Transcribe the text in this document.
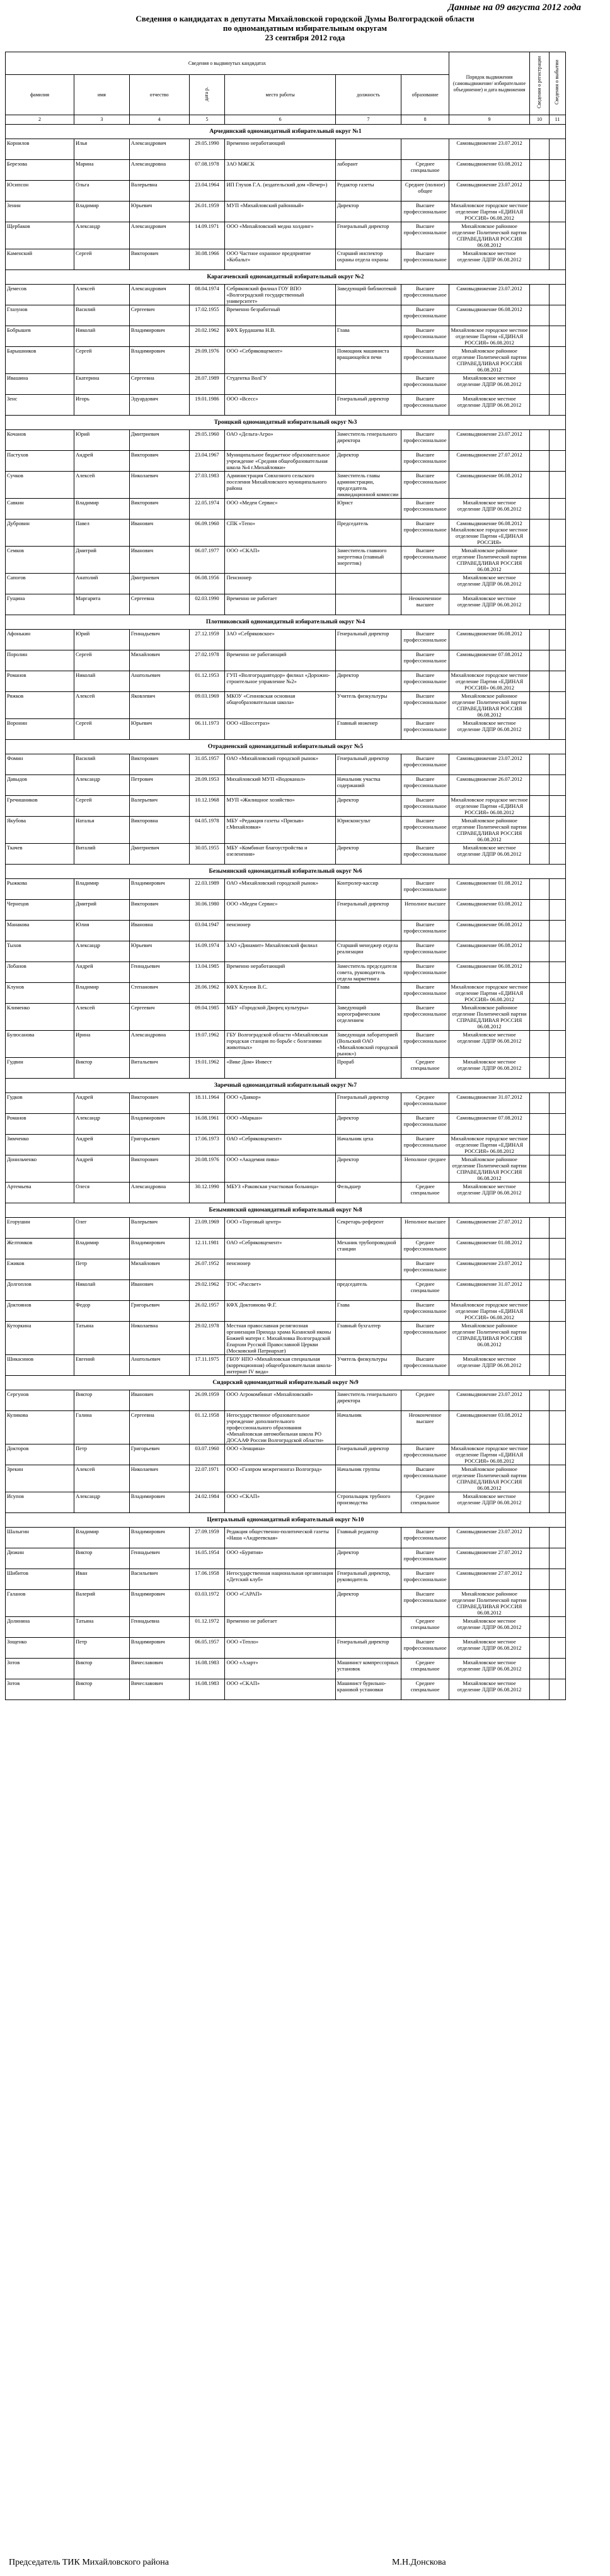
Данные на 09 августа 2012 года
Сведения о кандидатах в депутаты Михайловской городской Думы Волгоградской области
по одномандатным избирательным округам
23 сентября 2012 года
Сведения о выдвинутых кандидатах							Порядок выдвижения (самовыдвижение/ избирательное объединение) и дата выдвижения	Сведения о регистрации	Сведения о выбытии
фамилия	имя	отчество	дата р.	место работы	должность	образование			
2	3	4	5	6	7	8	9	10	11
Арчединский одномандатный избирательный округ №1									
Корнилов	Илья	Александрович	29.05.1990	Временно неработающий			Самовыдвижение 23.07.2012		
Березова	Марина	Александровна	07.08.1978	ЗАО МЖСК	лаборант	Среднее специальное	Самовыдвижение 03.08.2012		
Юсипсон	Ольга	Валерьевна	23.04.1964	ИП Глухов Г.А. (издательский дом «Вечер»)	Редактор газеты	Среднее (полное) общее	Самовыдвижение 23.07.2012		
Зенин	Владимир	Юрьевич	26.01.1959	МУП «Михайловский районный»	Директор	Высшее профессиональное	Михайловское городское местное отделение Партии «ЕДИНАЯ РОССИЯ» 06.08.2012		
Щербаков	Александр	Александрович	14.09.1971	ООО «Михайловский медиа холдинг»	Генеральный директор	Высшее профессиональное	Михайловское районное отделение Политической партии СПРАВЕДЛИВАЯ РОССИЯ 06.08.2012		
Каменский	Сергей	Викторович	30.08.1966	ООО Частное охранное предприятие «Кобальт»	Старший инспектор охраны отдела охраны	Высшее профессиональное	Михайловское местное отделение ЛДПР 06.08.2012		
Карагачевский одномандатный избирательный округ №2									
Демесов	Алексей	Александрович	08.04.1974	Себряковский филиал ГОУ ВПО «Волгоградский государственный университет»	Заведующий библиотекой	Высшее профессиональное	Самовыдвижение 23.07.2012		
Глазунов	Василий	Сергеевич	17.02.1955	Временно безработный		Высшее профессиональное	Самовыдвижение 06.08.2012		
Бобрышев	Николай	Владимирович	20.02.1962	КФХ Бурдашева Н.В.	Глава	Высшее профессиональное	Михайловское городское местное отделение Партии «ЕДИНАЯ РОССИЯ» 06.08.2012		
Барышников	Сергей	Владимирович	29.09.1976	ООО «Себряковцемент»	Помощник машиниста вращающейся печи	Высшее профессиональное	Михайловское районное отделение Политической партии СПРАВЕДЛИВАЯ РОССИЯ 06.08.2012		
Ивашина	Екатерина	Сергеевна	28.07.1989	Студентка ВолГУ		Высшее профессиональное	Михайловское местное отделение ЛДПР 06.08.2012		
Зенс	Игорь	Эдуардович	19.01.1986	ООО «Всесс»	Генеральный директор	Высшее профессиональное	Михайловское местное отделение ЛДПР 06.08.2012		
Троицкий одномандатный избирательный округ №3									
Кочанов	Юрий	Дмитриевич	29.05.1960	ОАО «Дельта-Агро»	Заместитель генерального директора	Высшее профессиональное	Самовыдвижение 23.07.2012		
Пастухов	Андрей	Викторович	23.04.1967	Муниципальное бюджетное образовательное учреждение «Средняя общеобразовательная школа №4 г.Михайловки»	Директор	Высшее профессиональное	Самовыдвижение 27.07.2012		
Сучков	Алексей	Николаевич	27.03.1983	Администрация Совхозного сельского поселения Михайловского муниципального района	Заместитель главы администрации, председатель ликвидационной комиссии	Высшее профессиональное	Самовыдвижение 06.08.2012		
Савкин	Владимир	Викторович	22.05.1974	ООО «Медеи Сервис»	Юрист	Высшее профессиональное	Михайловское местное отделение ЛДПР 06.08.2012		
Дубровин	Павел	Иванович	06.09.1960	СПК «Тепо»	Председатель	Высшее профессиональное	Самовыдвижение 06.08.2012 Михайловское городское местное отделение Партии «ЕДИНАЯ РОССИЯ»		
Семков	Дмитрий	Иванович	06.07.1977	ООО «СКАП»	Заместитель главного энергетика (главный энергетик)	Высшее профессиональное	Михайловское районное отделение Политической партии СПРАВЕДЛИВАЯ РОССИЯ 06.08.2012		
Сапогов	Анатолий	Дмитриевич	06.08.1956	Пенсионер			Михайловское местное отделение ЛДПР 06.08.2012		
Гущина	Маргарита	Сергеевна	02.03.1990	Временно не работает		Неоконченное высшее	Михайловское местное отделение ЛДПР 06.08.2012		
Плотниковский одномандатный избирательный округ №4									
Афонькин	Юрий	Геннадьевич	27.12.1959	ЗАО «Себряковское»	Генеральный директор	Высшее профессиональное	Самовыдвижение 06.08.2012		
Поролин	Сергей	Михайлович	27.02.1978	Временно не работающий		Высшее профессиональное	Самовыдвижение 07.08.2012		
Романов	Николай	Анатольевич	01.12.1953	ГУП «Волгоградавтодор» филиал «Дорожно-строительное управление №2»	Директор	Высшее профессиональное	Михайловское городское местное отделение Партии «ЕДИНАЯ РОССИЯ» 06.08.2012		
Ряжков	Алексей	Яковлевич	09.03.1969	МКОУ «Сенновская основная общеобразовательная школа»	Учитель физкультуры	Высшее профессиональное	Михайловское районное отделение Политической партии СПРАВЕДЛИВАЯ РОССИЯ 06.08.2012		
Воронин	Сергей	Юрьевич	06.11.1973	ООО «Шоссетраз»	Главный инженер	Высшее профессиональное	Михайловское местное отделение ЛДПР 06.08.2012		
Отрадненский одномандатный избирательный округ №5									
Фомин	Василий	Викторович	31.05.1957	ОАО «Михайловский городской рынок»	Генеральный директор	Высшее профессиональное	Самовыдвижение 23.07.2012		
Давыдов	Александр	Петрович	28.09.1953	Михайловский МУП «Водоканал»	Начальник участка содержаний	Высшее профессиональное	Самовыдвижение 26.07.2012		
Гречишников	Сергей	Валерьевич	10.12.1968	МУП «Жилищное хозяйство»	Директор	Высшее профессиональное	Михайловское городское местное отделение Партии «ЕДИНАЯ РОССИЯ» 06.08.2012		
Якубова	Наталья	Викторовна	04.05.1978	МБУ «Редакция газеты «Призыв» г.Михайловки»	Юрисконсульт	Высшее профессиональное	Михайловское районное отделение Политической партии СПРАВЕДЛИВАЯ РОССИЯ 06.08.2012		
Ткачев	Виталий	Дмитриевич	30.05.1955	МБУ «Комбинат благоустройства и озеленения»	Директор	Высшее профессиональное	Михайловское местное отделение ЛДПР 06.08.2012		
Безымянский одномандатный избирательный округ №6									
Рыжкова	Владимир	Владимирович	22.03.1989	ОАО «Михайловский городской рынок»	Контролер-кассир	Высшее профессиональное	Самовыдвижение 01.08.2012		
Чернецов	Дмитрий	Викторович	30.06.1980	ООО «Медеи Сервис»	Генеральный директор	Неполное высшее	Самовыдвижение 03.08.2012		
Манакова	Юлия	Ивановна	03.04.1947	пенсионер		Высшее профессиональное	Самовыдвижение 06.08.2012		
Тыхов	Александр	Юрьевич	16.09.1974	ЗАО «Динамит» Михайловский филиал	Старший менеджер отдела реализации	Высшее профессиональное	Самовыдвижение 06.08.2012		
Лобанов	Андрей	Геннадьевич	13.04.1985	Временно неработающий	Заместитель председателя совета, руководитель отдела маркетинга	Высшее профессиональное	Самовыдвижение 06.08.2012		
Клунов	Владимир	Степанович	28.06.1962	КФХ Клунов В.С.	Глава	Высшее профессиональное	Михайловское городское местное отделение Партии «ЕДИНАЯ РОССИЯ» 06.08.2012		
Клименко	Алексей	Сергеевич	09.04.1985	МБУ «Городской Дворец культуры»	Заведующий хореографическим отделением	Высшее профессиональное	Михайловское районное отделение Политической партии СПРАВЕДЛИВАЯ РОССИЯ 06.08.2012		
Булюсанова	Ирина	Александровна	19.07.1962	ГБУ Волгоградской области «Михайловская городская станция по борьбе с болезнями животных»	Заведующая лабораторией (Вольский ОАО «Михайловский городской рынок»)	Высшее профессиональное	Михайловское местное отделение ЛДПР 06.08.2012		
Гудвин	Виктор	Витальевич	19.01.1962	«Вике Дом» Инвест	Прораб	Среднее специальное	Михайловское местное отделение ЛДПР 06.08.2012		
Заречный одномандатный избирательный округ №7									
Гудков	Андрей	Викторович	18.11.1964	ООО «Даякор»	Генеральный директор	Среднее профессиональное	Самовыдвижение 31.07.2012		
Романов	Александр	Владимирович	16.08.1961	ООО «Маркан»	Директор	Высшее профессиональное	Самовыдвижение 07.08.2012		
Зимченко	Андрей	Григорьевич	17.06.1973	ОАО «Себряковцемент»	Начальник цеха	Высшее профессиональное	Михайловское городское местное отделение Партии «ЕДИНАЯ РОССИЯ» 06.08.2012		
Донильченко	Андрей	Викторович	20.08.1976	ООО «Академия пива»	Директор	Неполное среднее	Михайловское районное отделение Политической партии СПРАВЕДЛИВАЯ РОССИЯ 06.08.2012		
Артемьева	Олеся	Александровна	30.12.1990	МБУЗ «Раковская участковая больница»	Фельдшер	Среднее специальное	Михайловское местное отделение ЛДПР 06.08.2012		
Безымянский одномандатный избирательный округ №8									
Егорушин	Олег	Валерьевич	23.09.1969	ООО «Торговый центр»	Секретарь-референт	Неполное высшее	Самовыдвижение 27.07.2012		
Желтомков	Владимир	Владимирович	12.11.1981	ОАО «Себряковцемент»	Механик трубопроводной станции	Среднее профессиональное	Самовыдвижение 01.08.2012		
Ежиков	Петр	Михайлович	26.07.1952	пенсионер		Высшее профессиональное	Самовыдвижение 23.07.2012		
Долгоплов	Николай	Иванович	29.02.1962	ТОС «Рассвет»	председатель	Среднее специальное	Самовыдвижение 31.07.2012		
Доктоянов	Федор	Григорьевич	26.02.1957	КФХ Доктоянова Ф.Г.	Глава	Высшее профессиональное	Михайловское городское местное отделение Партии «ЕДИНАЯ РОССИЯ» 06.08.2012		
Куторкина	Татьяна	Николаевна	29.02.1978	Местная православная религиозная организация Прихода храма Казанской иконы Божией матери г. Михайловка Волгоградской Епархии Русской Православной Церкви (Московский Патриархат)	Главный бухгалтер	Высшее профессиональное	Михайловское районное отделение Политической партии СПРАВЕДЛИВАЯ РОССИЯ 06.08.2012		
Шикасинов	Евгений	Анатольевич	17.11.1975	ГБОУ НПО «Михайловская специальная (коррекционная) общеобразовательная школа-интернат IV вида»	Учитель физкультуры	Высшее профессиональное	Михайловское местное отделение ЛДПР 06.08.2012		
Сидорский одномандатный избирательный округ №9									
Сергунов	Виктор	Иванович	26.09.1959	ООО Агрокомбинат «Михайловский»	Заместитель генерального директора	Среднее	Самовыдвижение 23.07.2012		
Куликова	Галина	Сергеевна	01.12.1958	Негосударственное образовательное учреждение дополнительного профессионального образования «Михайловская автомобильная школа РО ДОСААФ России Волгоградской области»	Начальник	Неоконченное высшее	Самовыдвижение 03.08.2012		
Докторов	Петр	Григорьевич	03.07.1960	ООО «Зенщина»	Генеральный директор	Высшее профессиональное	Михайловское городское местное отделение Партии «ЕДИНАЯ РОССИЯ» 06.08.2012		
Зрекин	Алексей	Николаевич	22.07.1971	ООО «Газпром межрегионгаз Волгоград»	Начальник группы	Высшее профессиональное	Михайловское районное отделение Политической партии СПРАВЕДЛИВАЯ РОССИЯ 06.08.2012		
Исупов	Александр	Владимирович	24.02.1984	ООО «СКАП»	Стропальщик трубного производства	Среднее специальное	Михайловское местное отделение ЛДПР 06.08.2012		
Центральный одномандатный избирательный округ №10									
Шалыгин	Владимир	Владимирович	27.09.1959	Редакция общественно-политической газеты «Наша «Андреевская»	Главный редактор	Высшее профессиональное	Самовыдвижение 23.07.2012		
Дюжин	Виктор	Геннадьевич	16.05.1954	ООО «Бурятия»	Директор	Высшее профессиональное	Самовыдвижение 27.07.2012		
Шибитов	Иван	Васильевич	17.06.1958	Негосударственная национальная организация «Детский клуб»	Генеральный директор, руководитель	Высшее профессиональное	Самовыдвижение 27.07.2012		
Галанов	Валерий	Владимирович	03.03.1972	ООО «САРАП»	Директор	Высшее профессиональное	Михайловское районное отделение Политической партии СПРАВЕДЛИВАЯ РОССИЯ 06.08.2012		
Долинина	Татьяна	Геннадьевна	01.12.1972	Временно не работает		Среднее специальное	Михайловское местное отделение ЛДПР 06.08.2012		
Зощенко	Петр	Владимирович	06.05.1957	ООО «Тепло»	Генеральный директор	Высшее профессиональное	Михайловское местное отделение ЛДПР 06.08.2012		
Зотов	Виктор	Вячеславович	16.08.1983	ООО «Азарт»	Машинист компрессорных установок	Среднее специальное	Михайловское местное отделение ЛДПР 06.08.2012		
Зотов	Виктор	Вячеславович	16.08.1983	ООО «СКАП»	Машинист бурильно-крановой установки	Среднее специальное	Михайловское местное отделение ЛДПР 06.08.2012		
Председатель ТИК Михайловского района	М.Н.Донскова
